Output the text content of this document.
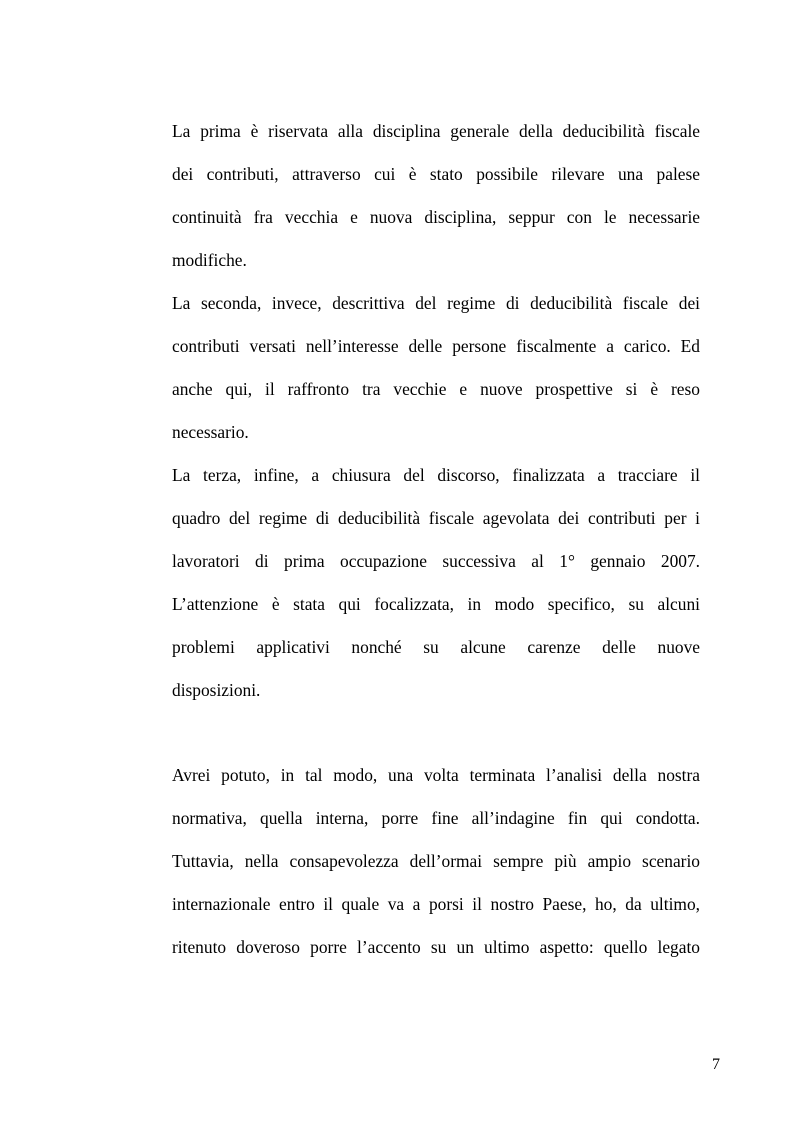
La prima è riservata alla disciplina generale della deducibilità fiscale
dei contributi, attraverso cui è stato possibile rilevare una palese
continuità fra vecchia e nuova disciplina, seppur con le necessarie
modifiche.
La seconda, invece, descrittiva del regime di deducibilità fiscale dei
contributi versati nell’interesse delle persone fiscalmente a carico. Ed
anche qui, il raffronto tra vecchie e nuove prospettive si è reso
necessario.
La terza, infine, a chiusura del discorso, finalizzata a tracciare il
quadro del regime di deducibilità fiscale agevolata dei contributi per i
lavoratori di prima occupazione successiva al 1° gennaio 2007.
L’attenzione è stata qui focalizzata, in modo specifico, su alcuni
problemi applicativi nonché su alcune carenze delle nuove
disposizioni.
Avrei potuto, in tal modo, una volta terminata l’analisi della nostra
normativa, quella interna, porre fine all’indagine fin qui condotta.
Tuttavia, nella consapevolezza dell’ormai sempre più ampio scenario
internazionale entro il quale va a porsi il nostro Paese, ho, da ultimo,
ritenuto doveroso porre l’accento su un ultimo aspetto: quello legato
7
